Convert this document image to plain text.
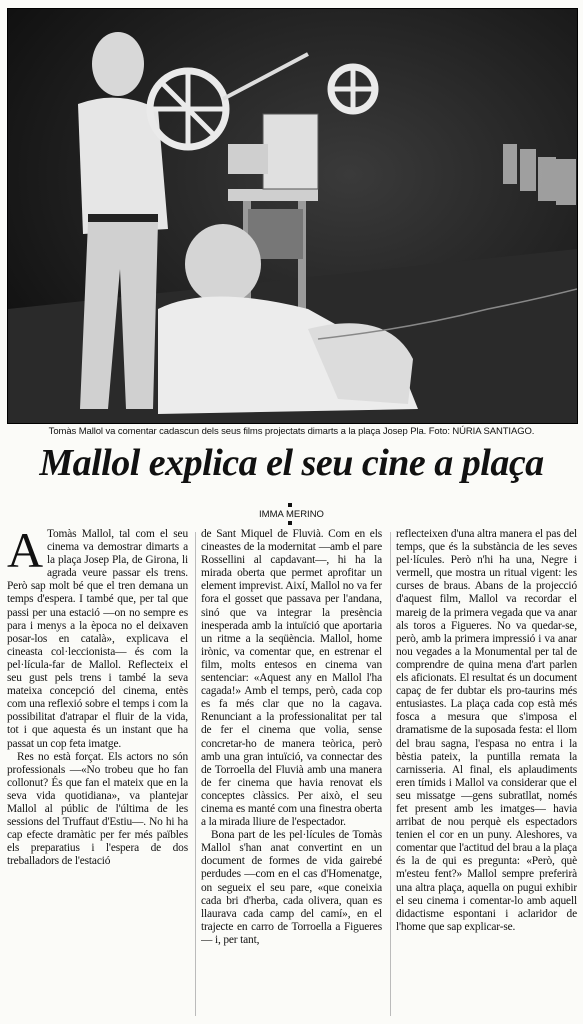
Tomàs Mallol va comentar cadascun dels seus films projectats dimarts a la plaça Josep Pla. Foto: NÚRIA SANTIAGO.
Mallol explica el seu cine a plaça
IMMA MERINO

A Tomàs Mallol, tal com el seu cinema va demostrar dimarts a la plaça Josep Pla, de Girona, li agrada veure passar els trens. Però sap molt bé que el tren demana un temps d'espera. I també que, per tal que passi per una estació —on no sempre es para i menys a la època no el deixaven posar-los en català», explicava el cineasta col·leccionista— és com la pel·lícula-far de Mallol. Reflecteix el seu gust pels trens i també la seva mateixa concepció del cinema, entès com una reflexió sobre el temps i com la possibilitat d'atrapar el fluir de la vida, tot i que aquesta és un instant que ha passat un cop feta imatge.

Res no està forçat. Els actors no són professionals —«No trobeu que ho fan collonut? És que fan el mateix que en la seva vida quotidiana», va plantejar Mallol al públic de l'última de les sessions del Truffaut d'Estiu—. No hi ha cap efecte dramàtic per fer més païbles els preparatius i l'espera de dos treballadors de l'estació

de Sant Miquel de Fluvià. Com en els cineastes de la modernitat —amb el pare Rossellini al capdavant—, hi ha la mirada oberta que permet aprofitar un element imprevist. Així, Mallol no va fer fora el gosset que passava per l'andana, sinó que va integrar la presència inesperada amb la intuïció que aportaria un ritme a la seqüència. Mallol, home irònic, va comentar que, en estrenar el film, molts entesos en cinema van sentenciar: «Aquest any en Mallol l'ha cagada!» Amb el temps, però, cada cop es fa més clar que no la cagava. Renunciant a la professionalitat per tal de fer el cinema que volia, sense concretar-ho de manera teòrica, però amb una gran intuïció, va connectar des de Torroella del Fluvià amb una manera de fer cinema que havia renovat els conceptes clàssics. Per això, el seu cinema es manté com una finestra oberta a la mirada lliure de l'espectador.

Bona part de les pel·lícules de Tomàs Mallol s'han anat convertint en un document de formes de vida gairebé perdudes —com en el cas d'Homenatge, on segueix el seu pare, «que coneixia cada bri d'herba, cada olivera, quan es llaurava cada camp del camí», en el trajecte en carro de Torroella a Figueres— i, per tant,

reflecteixen d'una altra manera el pas del temps, que és la substància de les seves pel·lícules. Però n'hi ha una, Negre i vermell, que mostra un ritual vigent: les curses de braus. Abans de la projecció d'aquest film, Mallol va recordar el mareig de la primera vegada que va anar als toros a Figueres. No va quedar-se, però, amb la primera impressió i va anar nou vegades a la Monumental per tal de comprendre de quina mena d'art parlen els aficionats. El resultat és un document capaç de fer dubtar els pro-taurins més entusiastes. La plaça cada cop està més fosca a mesura que s'imposa el dramatisme de la suposada festa: el llom del brau sagna, l'espasa no entra i la bèstia pateix, la puntilla remata la carnisseria. Al final, els aplaudiments eren tímids i Mallol va considerar que el seu missatge —gens subratllat, només fet present amb les imatges— havia arribat de nou perquè els espectadors tenien el cor en un puny. Aleshores, va comentar que l'actitud del brau a la plaça és la de qui es pregunta: «Però, què m'esteu fent?» Mallol sempre preferirà una altra plaça, aquella on pugui exhibir el seu cinema i comentar-lo amb aquell didactisme espontani i aclaridor de l'home que sap explicar-se.
